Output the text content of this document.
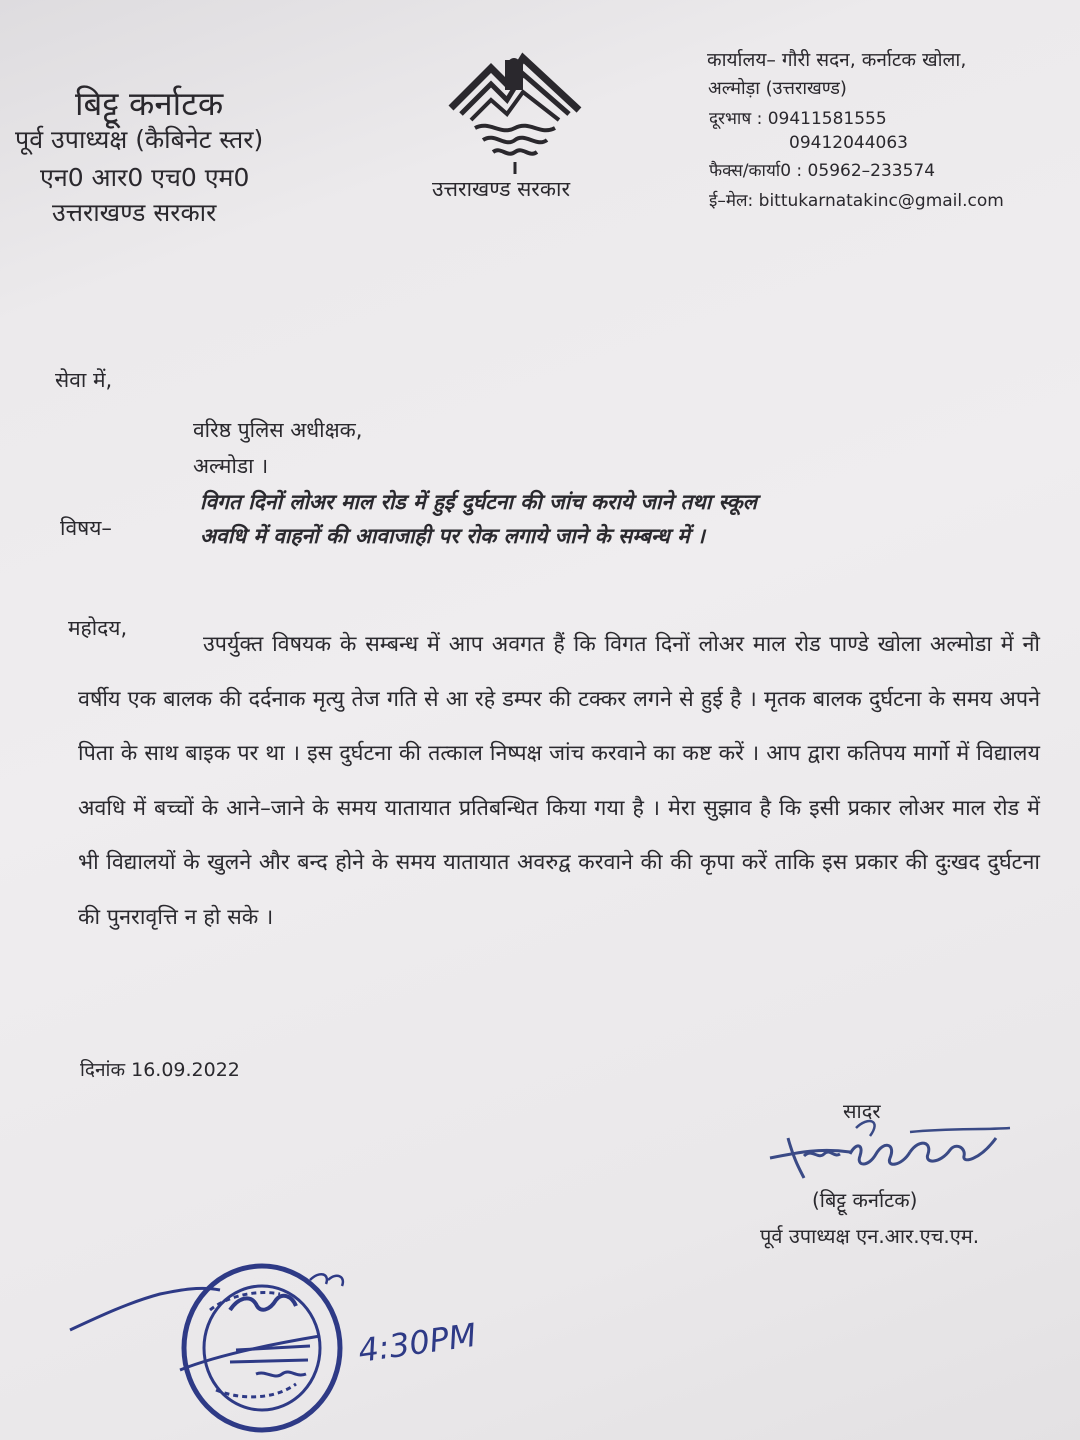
बिट्टू कर्नाटक
पूर्व उपाध्यक्ष (कैबिनेट स्तर)
एन0 आर0 एच0 एम0
उत्तराखण्ड सरकार
उत्तराखण्ड सरकार
कार्यालय– गौरी सदन, कर्नाटक खोला,
अल्मोड़ा (उत्तराखण्ड)
दूरभाष : 09411581555
09412044063
फैक्स/कार्या0 : 05962–233574
ई–मेल: bittukarnatakinc@gmail.com
सेवा में,
वरिष्ठ पुलिस अधीक्षक,
अल्मोडा ।
विषय–
विगत दिनों लोअर माल रोड में हुई दुर्घटना की जांच कराये जाने तथा स्कूल
अवधि में वाहनों की आवाजाही पर रोक लगाये जाने के सम्बन्ध में ।
महोदय,
उपर्युक्त विषयक के सम्बन्ध में आप अवगत हैं कि विगत दिनों लोअर माल रोड पाण्डे खोला अल्मोडा में नौ वर्षीय एक बालक की दर्दनाक मृत्यु तेज गति से आ रहे डम्पर की टक्कर लगने से हुई है । मृतक बालक दुर्घटना के समय अपने पिता के साथ बाइक पर था । इस दुर्घटना की तत्काल निष्पक्ष जांच करवाने का कष्ट करें । आप द्वारा कतिपय मार्गो में विद्यालय अवधि में बच्चों के आने–जाने के समय यातायात प्रतिबन्धित किया गया है । मेरा सुझाव है कि इसी प्रकार लोअर माल रोड में भी विद्यालयों के खुलने और बन्द होने के समय यातायात अवरुद्व करवाने की की कृपा करें ताकि इस प्रकार की दुःखद दुर्घटना की पुनरावृत्ति न हो सके ।
दिनांक 16.09.2022
सादर
(बिट्टू कर्नाटक)
पूर्व उपाध्यक्ष एन.आर.एच.एम.
4:30PM
